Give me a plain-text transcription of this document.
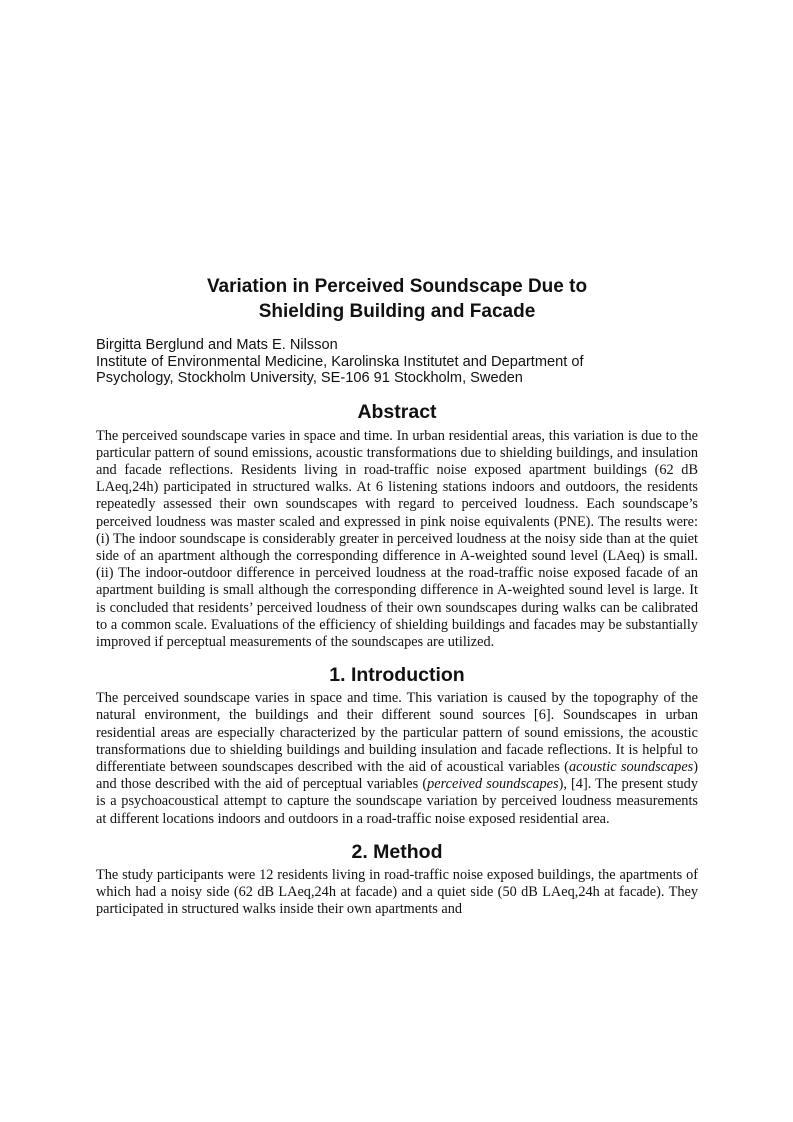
Variation in Perceived Soundscape Due to
Shielding Building and Facade
Birgitta Berglund and Mats E. Nilsson
Institute of Environmental Medicine, Karolinska Institutet and Department of
Psychology, Stockholm University, SE-106 91 Stockholm, Sweden
Abstract

The perceived soundscape varies in space and time. In urban residential areas, this variation is due to the particular pattern of sound emissions, acoustic transformations due to shielding buildings, and insulation and facade reflections. Residents living in road-traffic noise exposed apartment buildings (62 dB LAeq,24h) participated in structured walks. At 6 listening stations indoors and outdoors, the residents repeatedly assessed their own soundscapes with regard to perceived loudness. Each soundscape’s perceived loudness was master scaled and expressed in pink noise equivalents (PNE). The results were: (i) The indoor soundscape is considerably greater in perceived loudness at the noisy side than at the quiet side of an apartment although the corresponding difference in A-weighted sound level (LAeq) is small. (ii) The indoor-outdoor difference in perceived loudness at the road-traffic noise exposed facade of an apartment building is small although the corresponding difference in A-weighted sound level is large. It is concluded that residents’ perceived loudness of their own soundscapes during walks can be calibrated to a common scale. Evaluations of the efficiency of shielding buildings and facades may be substantially improved if perceptual measurements of the soundscapes are utilized.

1. Introduction

The perceived soundscape varies in space and time. This variation is caused by the topography of the natural environment, the buildings and their different sound sources [6]. Soundscapes in urban residential areas are especially characterized by the particular pattern of sound emissions, the acoustic transformations due to shielding buildings and building insulation and facade reflections. It is helpful to differentiate between soundscapes described with the aid of acoustical variables (acoustic soundscapes) and those described with the aid of perceptual variables (perceived soundscapes), [4]. The present study is a psychoacoustical attempt to capture the soundscape variation by perceived loudness measurements at different locations indoors and outdoors in a road-traffic noise exposed residential area.

2. Method

The study participants were 12 residents living in road-traffic noise exposed buildings, the apartments of which had a noisy side (62 dB LAeq,24h at facade) and a quiet side (50 dB LAeq,24h at facade). They participated in structured walks inside their own apartments and
